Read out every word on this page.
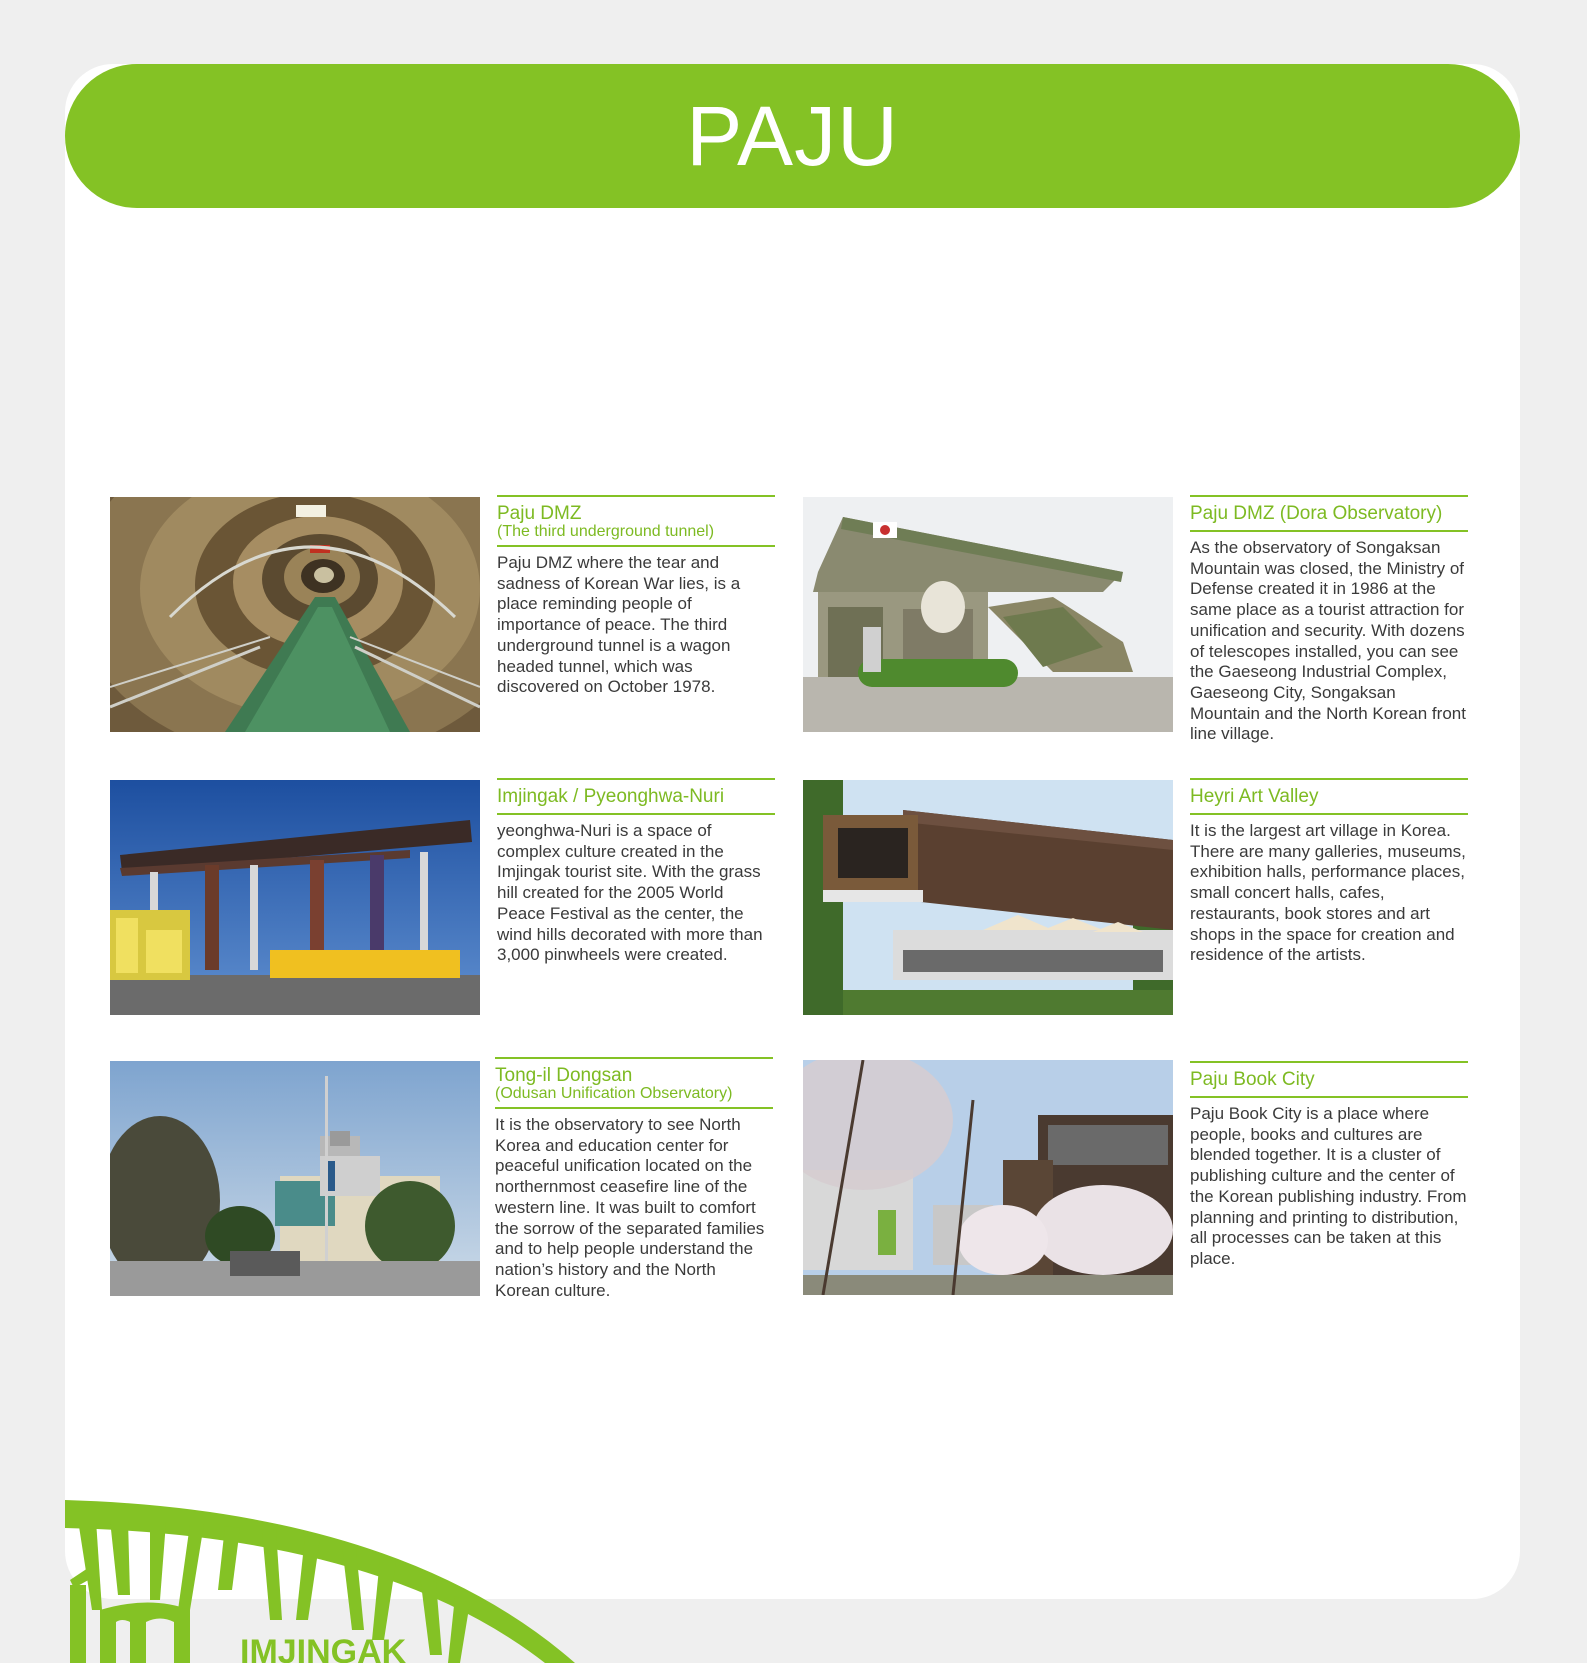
PAJU
Paju DMZ
(The third underground tunnel)
Paju DMZ where the tear and sadness of Korean War lies, is a place reminding people of importance of peace. The third underground tunnel is a wagon headed tunnel, which was discovered on October 1978.
Paju DMZ (Dora Observatory)
As the observatory of Songaksan Mountain was closed, the Ministry of Defense created it in 1986 at the same place as a tourist attraction for unification and security. With dozens of telescopes installed, you can see the Gaeseong Industrial Complex, Gaeseong City, Songaksan Mountain and the North Korean front line village.
Imjingak / Pyeonghwa-Nuri
yeonghwa-Nuri is a space of complex culture created in the Imjingak tourist site. With the grass hill created for the 2005 World Peace Festival as the center, the wind hills decorated with more than 3,000 pinwheels were created.
Heyri Art Valley
It is the largest art village in Korea. There are many galleries, museums, exhibition halls, performance places, small concert halls, cafes, restaurants, book stores and art shops in the space for creation and residence of the artists.
Tong-il Dongsan
(Odusan Unification Observatory)
It is the observatory to see North Korea and education center for peaceful unification located on the northernmost ceasefire line of the western line. It was built to comfort the sorrow of the separated families and to help people understand the nation’s history and the North Korean culture.
Paju Book City
Paju Book City is a place where people, books and cultures are blended together. It is a cluster of publishing culture and the center of the Korean publishing industry. From planning and printing to distribution, all processes can be taken at this place.
IMJINGAK
